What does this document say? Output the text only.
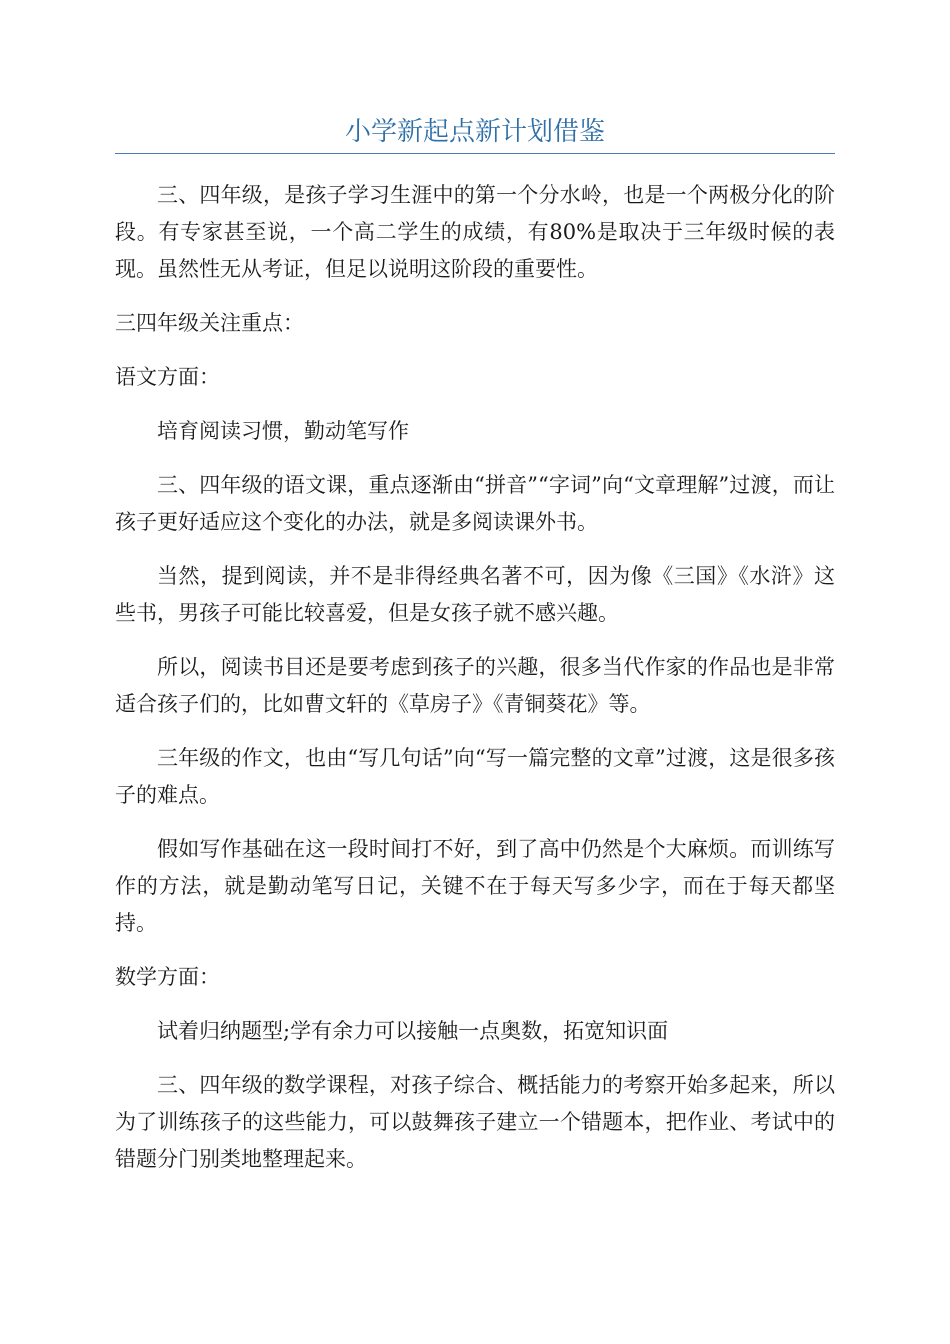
小学新起点新计划借鉴

三、四年级，是孩子学习生涯中的第一个分水岭，也是一个两极分化的阶段。有专家甚至说，一个高二学生的成绩，有80%是取决于三年级时候的表现。虽然性无从考证，但足以说明这阶段的重要性。

三四年级关注重点：

语文方面：

培育阅读习惯，勤动笔写作

三、四年级的语文课，重点逐渐由“拼音”“字词”向“文章理解”过渡，而让孩子更好适应这个变化的办法，就是多阅读课外书。

当然，提到阅读，并不是非得经典名著不可，因为像《三国》《水浒》这些书，男孩子可能比较喜爱，但是女孩子就不感兴趣。

所以，阅读书目还是要考虑到孩子的兴趣，很多当代作家的作品也是非常适合孩子们的，比如曹文轩的《草房子》《青铜葵花》等。

三年级的作文，也由“写几句话”向“写一篇完整的文章”过渡，这是很多孩子的难点。

假如写作基础在这一段时间打不好，到了高中仍然是个大麻烦。而训练写作的方法，就是勤动笔写日记，关键不在于每天写多少字，而在于每天都坚持。

数学方面：

试着归纳题型;学有余力可以接触一点奥数，拓宽知识面

三、四年级的数学课程，对孩子综合、概括能力的考察开始多起来，所以为了训练孩子的这些能力，可以鼓舞孩子建立一个错题本，把作业、考试中的错题分门别类地整理起来。
